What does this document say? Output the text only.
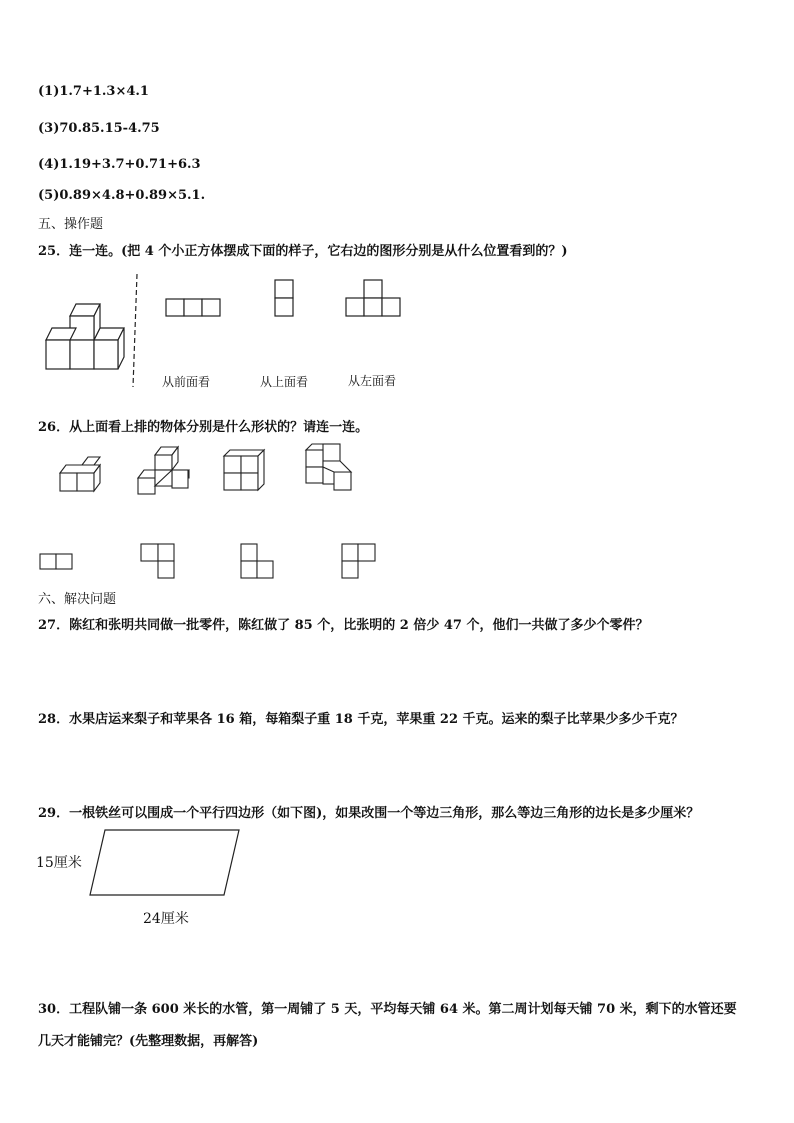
(1)1.7+1.3×4.1
(3)70.85.15-4.75
(4)1.19+3.7+0.71+6.3
(5)0.89×4.8+0.89×5.1.
五、操作题
25．连一连。(把 4 个小正方体摆成下面的样子，它右边的图形分别是从什么位置看到的？)
从前面看	从上面看	从左面看
26．从上面看上排的物体分别是什么形状的？请连一连。
六、解决问题
27．陈红和张明共同做一批零件，陈红做了 85 个，比张明的 2 倍少 47 个，他们一共做了多少个零件？
28．水果店运来梨子和苹果各 16 箱，每箱梨子重 18 千克，苹果重 22 千克。运来的梨子比苹果少多少千克？
29．一根铁丝可以围成一个平行四边形（如下图)，如果改围一个等边三角形，那么等边三角形的边长是多少厘米？
15厘米
24厘米
30．工程队铺一条 600 米长的水管，第一周铺了 5 天，平均每天铺 64 米。第二周计划每天铺 70 米，剩下的水管还要
几天才能铺完？(先整理数据，再解答)
